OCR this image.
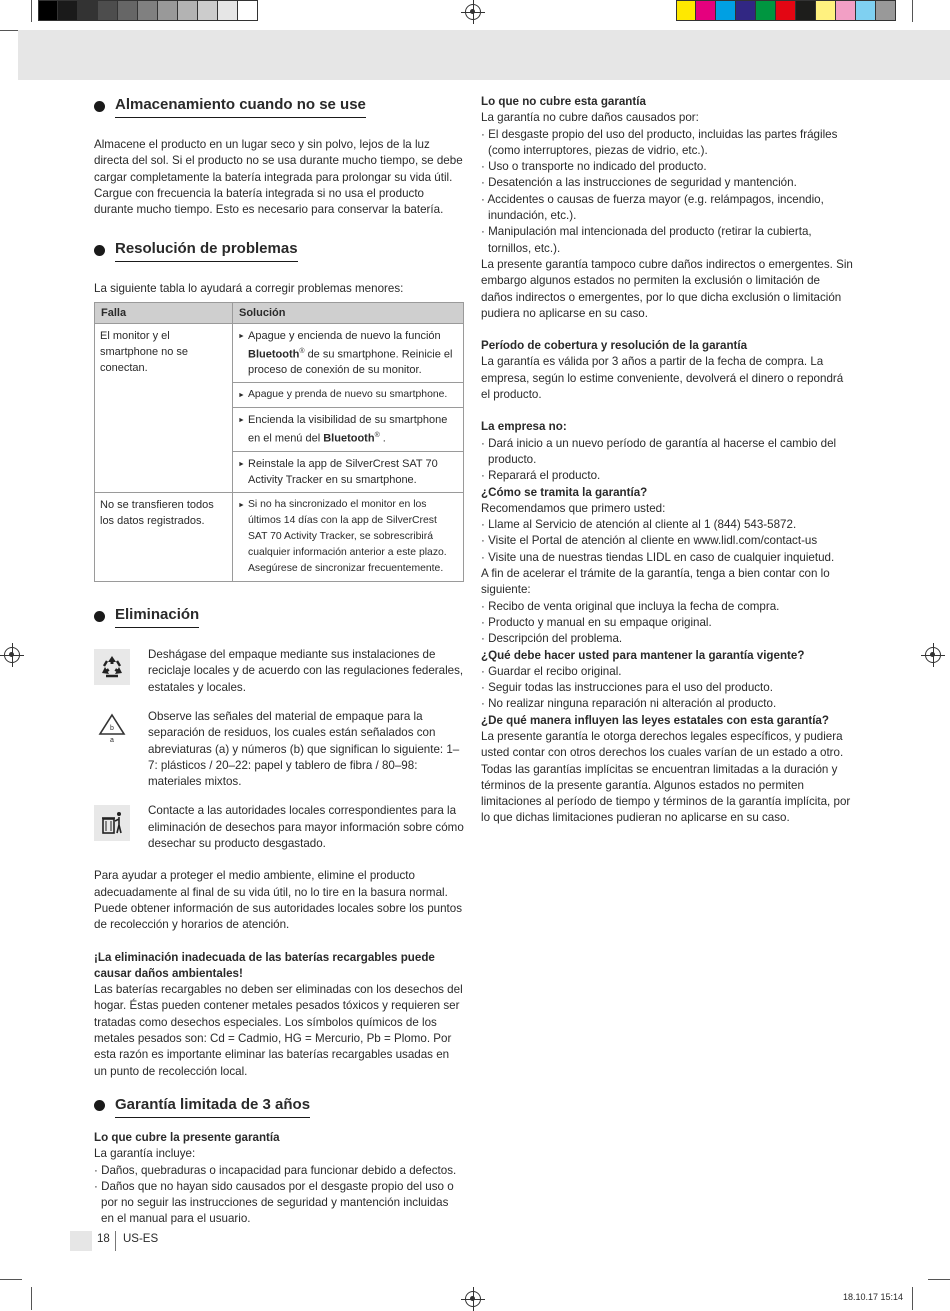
Almacenamiento cuando no se use

Almacene el producto en un lugar seco y sin polvo, lejos de la luz directa del sol. Si el producto no se usa durante mucho tiempo, se debe cargar completamente la batería integrada para prolongar su vida útil. Cargue con frecuencia la batería integrada si no usa el producto durante mucho tiempo. Esto es necesario para conservar la batería.

Resolución de problemas

La siguiente tabla lo ayudará a corregir problemas menores:

Falla	Solución
El monitor y el smartphone no se conectan.	► Apague y encienda de nuevo la función Bluetooth® de su smartphone. Reinicie el proceso de conexión de su monitor.

	► Apague y prenda de nuevo su smartphone.

	► Encienda la visibilidad de su smartphone en el menú del Bluetooth® .

	► Reinstale la app de SilverCrest SAT 70 Activity Tracker en su smartphone.

No se transfieren todos los datos registrados.	► Si no ha sincronizado el monitor en los últimos 14 días con la app de SilverCrest SAT 70 Activity Tracker, se sobrescribirá cualquier información anterior a este plazo. Asegúrese de sincronizar frecuentemente.
Eliminación

Deshágase del empaque mediante sus instalaciones de reciclaje locales y de acuerdo con las regulaciones federales, estatales y locales.

b
a

Observe las señales del material de empaque para la separación de residuos, los cuales están señalados con abreviaturas (a) y números (b) que significan lo siguiente: 1–7: plásticos / 20–22: papel y tablero de fibra / 80–98: materiales mixtos.

Contacte a las autoridades locales correspondientes para la eliminación de desechos para mayor información sobre cómo desechar su producto desgastado.

Para ayudar a proteger el medio ambiente, elimine el producto adecuadamente al final de su vida útil, no lo tire en la basura normal. Puede obtener información de sus autoridades locales sobre los puntos de recolección y horarios de atención.

¡La eliminación inadecuada de las baterías recargables puede causar daños ambientales!

Las baterías recargables no deben ser eliminadas con los desechos del hogar. Éstas pueden contener metales pesados tóxicos y requieren ser tratadas como desechos especiales. Los símbolos químicos de los metales pesados son: Cd = Cadmio, HG = Mercurio, Pb = Plomo. Por esta razón es importante eliminar las baterías recargables usadas en un punto de recolección local.

Garantía limitada de 3 años

Lo que cubre la presente garantía

La garantía incluye:

· Daños, quebraduras o incapacidad para funcionar debido a defectos.
· Daños que no hayan sido causados por el desgaste propio del uso o por no seguir las instrucciones de seguridad y mantención incluidas en el manual para el usuario.

Lo que no cubre esta garantía

La garantía no cubre daños causados por:

· El desgaste propio del uso del producto, incluidas las partes frágiles (como interruptores, piezas de vidrio, etc.).
· Uso o transporte no indicado del producto.
· Desatención a las instrucciones de seguridad y mantención.
· Accidentes o causas de fuerza mayor (e.g. relámpagos, incendio, inundación, etc.).
· Manipulación mal intencionada del producto (retirar la cubierta, tornillos, etc.).

La presente garantía tampoco cubre daños indirectos o emergentes. Sin embargo algunos estados no permiten la exclusión o limitación de daños indirectos o emergentes, por lo que dicha exclusión o limitación pudiera no aplicarse en su caso.

Período de cobertura y resolución de la garantía

La garantía es válida por 3 años a partir de la fecha de compra. La empresa, según lo estime conveniente, devolverá el dinero o repondrá el producto.

La empresa no:

· Dará inicio a un nuevo período de garantía al hacerse el cambio del producto.
· Reparará el producto.

¿Cómo se tramita la garantía?

Recomendamos que primero usted:

· Llame al Servicio de atención al cliente al 1 (844) 543-5872.
· Visite el Portal de atención al cliente en www.lidl.com/contact-us
· Visite una de nuestras tiendas LIDL en caso de cualquier inquietud.

A fin de acelerar el trámite de la garantía, tenga a bien contar con lo siguiente:

· Recibo de venta original que incluya la fecha de compra.
· Producto y manual en su empaque original.
· Descripción del problema.

¿Qué debe hacer usted para mantener la garantía vigente?

· Guardar el recibo original.
· Seguir todas las instrucciones para el uso del producto.
· No realizar ninguna reparación ni alteración al producto.

¿De qué manera influyen las leyes estatales con esta garantía?

La presente garantía le otorga derechos legales específicos, y pudiera usted contar con otros derechos los cuales varían de un estado a otro. Todas las garantías implícitas se encuentran limitadas a la duración y términos de la presente garantía. Algunos estados no permiten limitaciones al período de tiempo y términos de la garantía implícita, por lo que dichas limitaciones pudieran no aplicarse en su caso.

18 US-ES
18.10.17 15:14
